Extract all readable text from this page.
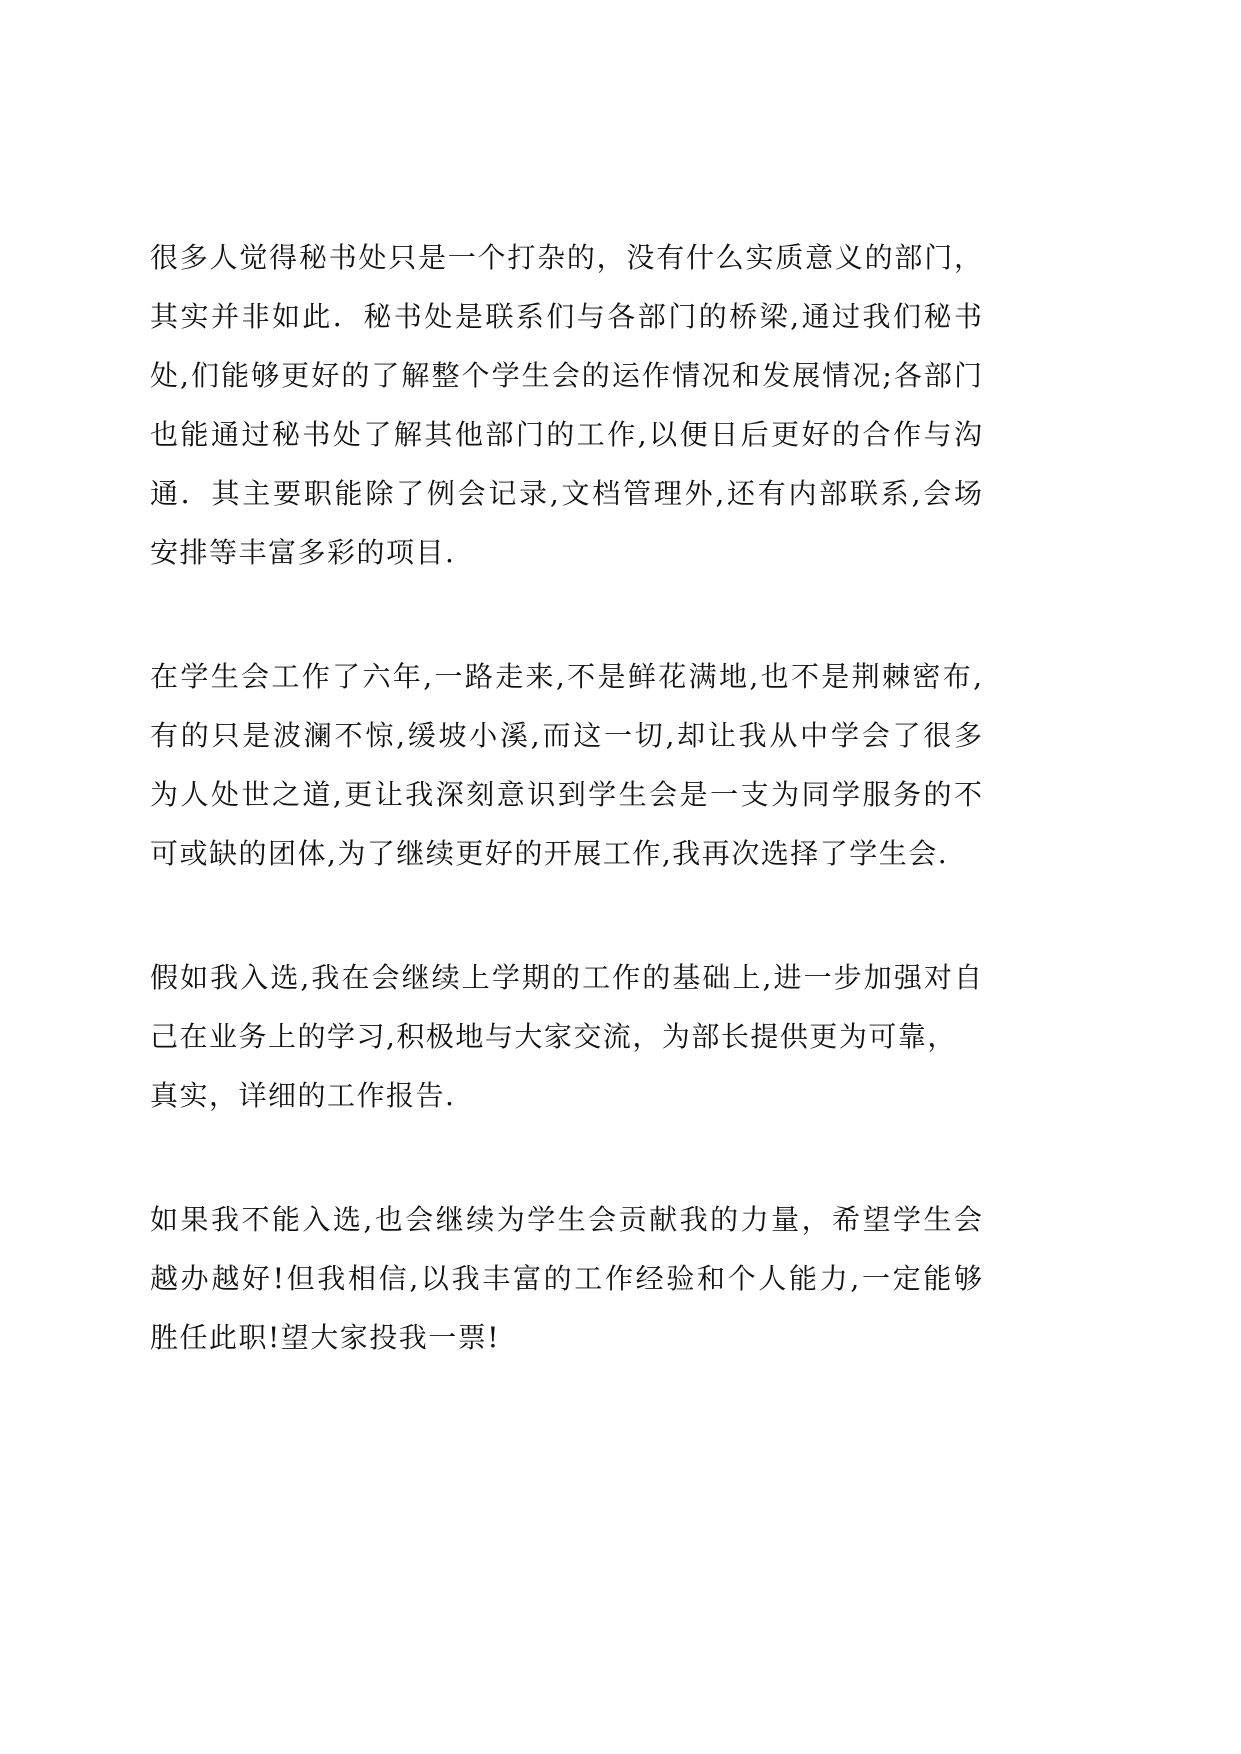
很多人觉得秘书处只是一个打杂的，没有什么实质意义的部门，
其实并非如此．秘书处是联系们与各部门的桥梁,通过我们秘书
处,们能够更好的了解整个学生会的运作情况和发展情况;各部门
也能通过秘书处了解其他部门的工作,以便日后更好的合作与沟
通．其主要职能除了例会记录,文档管理外,还有内部联系,会场
安排等丰富多彩的项目.
在学生会工作了六年,一路走来,不是鲜花满地,也不是荆棘密布,
有的只是波澜不惊,缓坡小溪,而这一切,却让我从中学会了很多
为人处世之道,更让我深刻意识到学生会是一支为同学服务的不
可或缺的团体,为了继续更好的开展工作,我再次选择了学生会.
假如我入选,我在会继续上学期的工作的基础上,进一步加强对自
己在业务上的学习,积极地与大家交流，为部长提供更为可靠，
真实，详细的工作报告.
如果我不能入选,也会继续为学生会贡献我的力量，希望学生会
越办越好!但我相信,以我丰富的工作经验和个人能力,一定能够
胜任此职!望大家投我一票!
